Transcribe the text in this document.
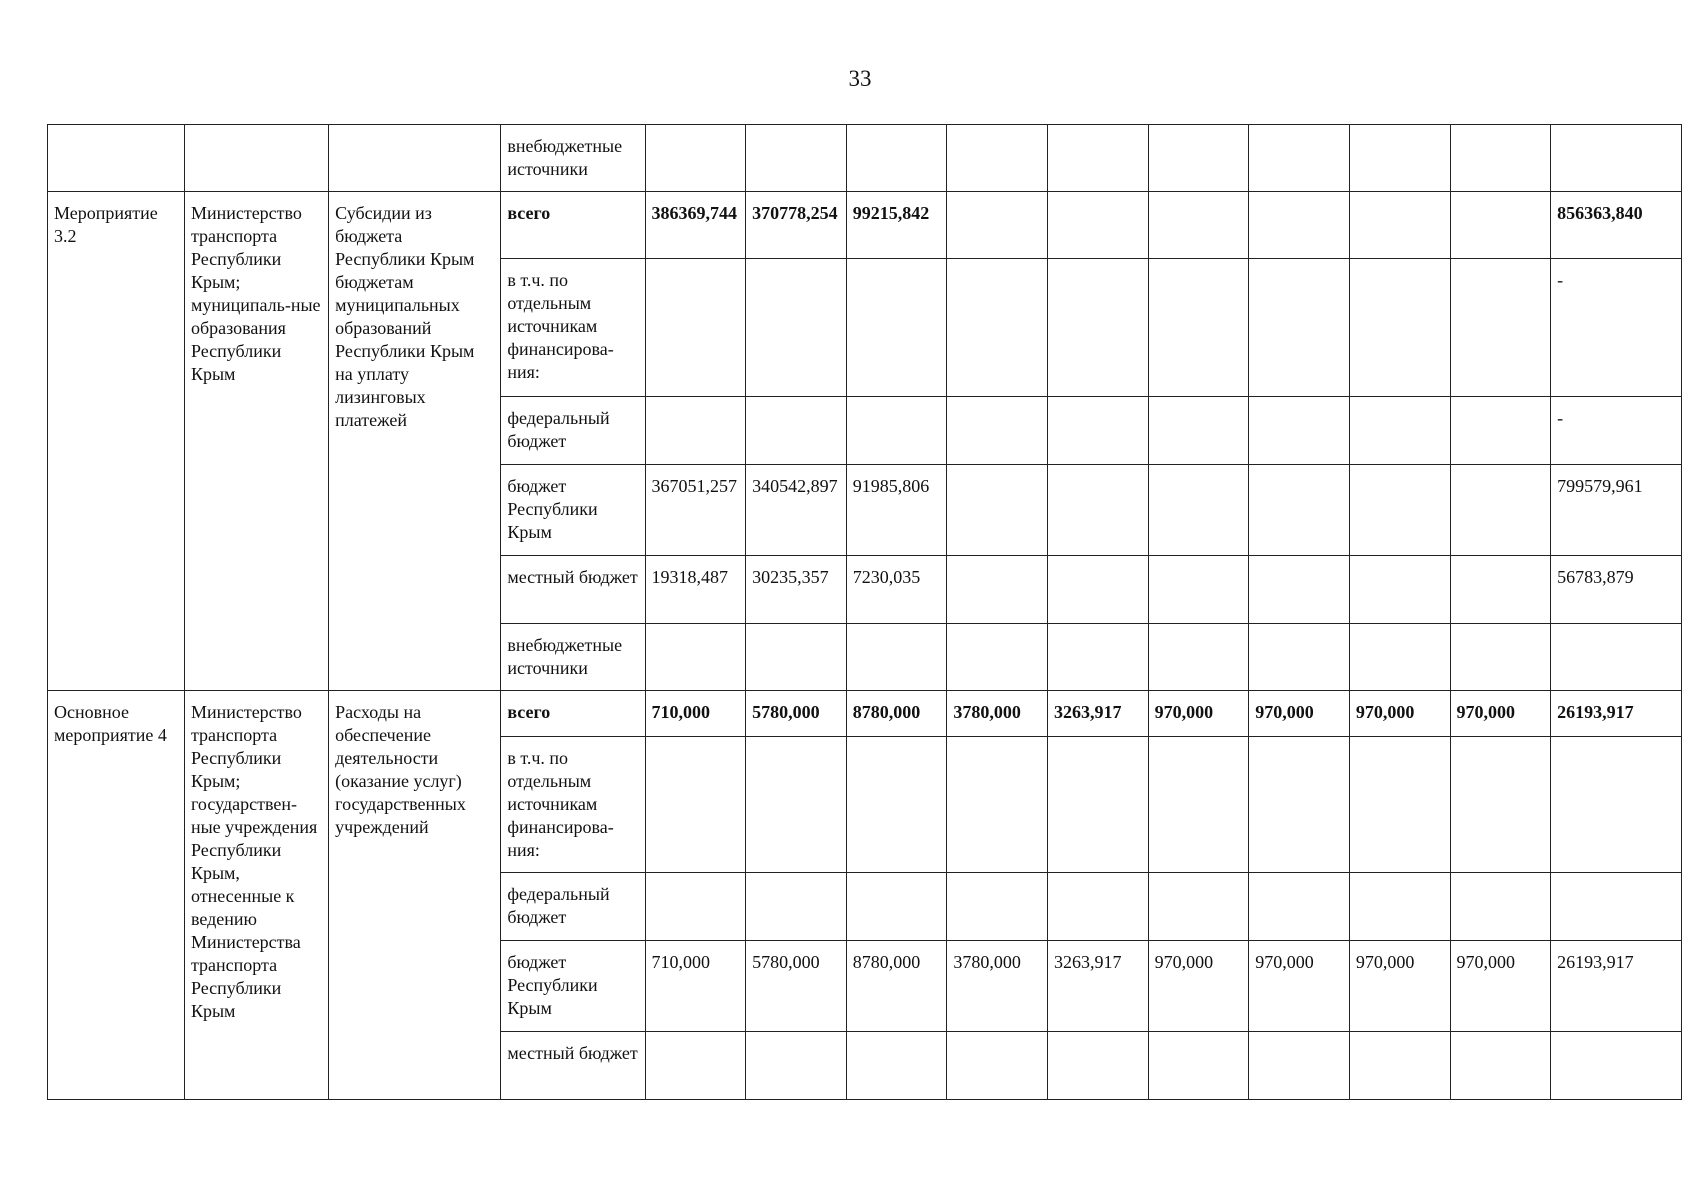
33
			внебюджетные источники										
Мероприятие 3.2	Министерство транспорта Республики Крым; муниципаль-ные образования Республики Крым	Субсидии из бюджета Республики Крым бюджетам муниципальных образований Республики Крым на уплату лизинговых платежей	всего	386369,744	370778,254	99215,842							856363,840
			в т.ч. по отдельным источникам финансирова-ния:										-
			федеральный бюджет										-
			бюджет Республики Крым	367051,257	340542,897	91985,806							799579,961
			местный бюджет	19318,487	30235,357	7230,035							56783,879
			внебюджетные источники										
Основное мероприятие 4	Министерство транспорта Республики Крым; государствен-ные учреждения Республики Крым, отнесенные к ведению Министерства транспорта Республики Крым	Расходы на обеспечение деятельности (оказание услуг) государственных учреждений	всего	710,000	5780,000	8780,000	3780,000	3263,917	970,000	970,000	970,000	970,000	26193,917
			в т.ч. по отдельным источникам финансирова-ния:										
			федеральный бюджет										
			бюджет Республики Крым	710,000	5780,000	8780,000	3780,000	3263,917	970,000	970,000	970,000	970,000	26193,917
			местный бюджет										
